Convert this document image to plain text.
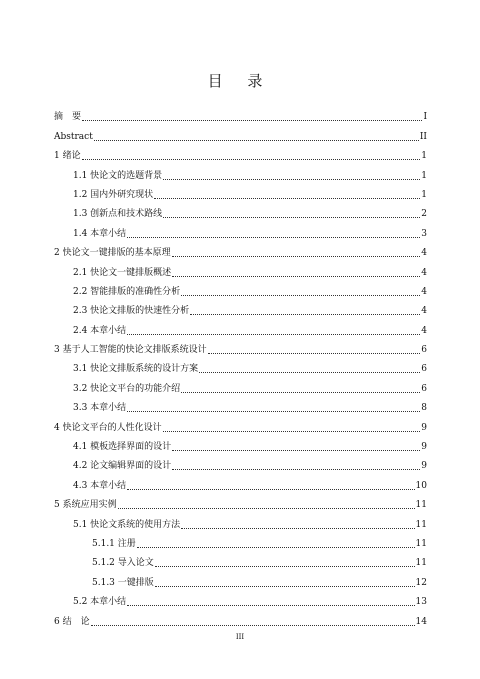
目 录
摘　要	I
Abstract	II
1 绪论	1
1.1 快论文的选题背景	1
1.2 国内外研究现状	1
1.3 创新点和技术路线	2
1.4 本章小结	3
2 快论文一键排版的基本原理	4
2.1 快论文一键排版概述	4
2.2 智能排版的准确性分析	4
2.3 快论文排版的快速性分析	4
2.4 本章小结	4
3 基于人工智能的快论文排版系统设计	6
3.1 快论文排版系统的设计方案	6
3.2 快论文平台的功能介绍	6
3.3 本章小结	8
4 快论文平台的人性化设计	9
4.1 模板选择界面的设计	9
4.2 论文编辑界面的设计	9
4.3 本章小结	10
5 系统应用实例	11
5.1 快论文系统的使用方法	11
5.1.1 注册	11
5.1.2 导入论文	11
5.1.3 一键排版	12
5.2 本章小结	13
6 结　论	14
III
